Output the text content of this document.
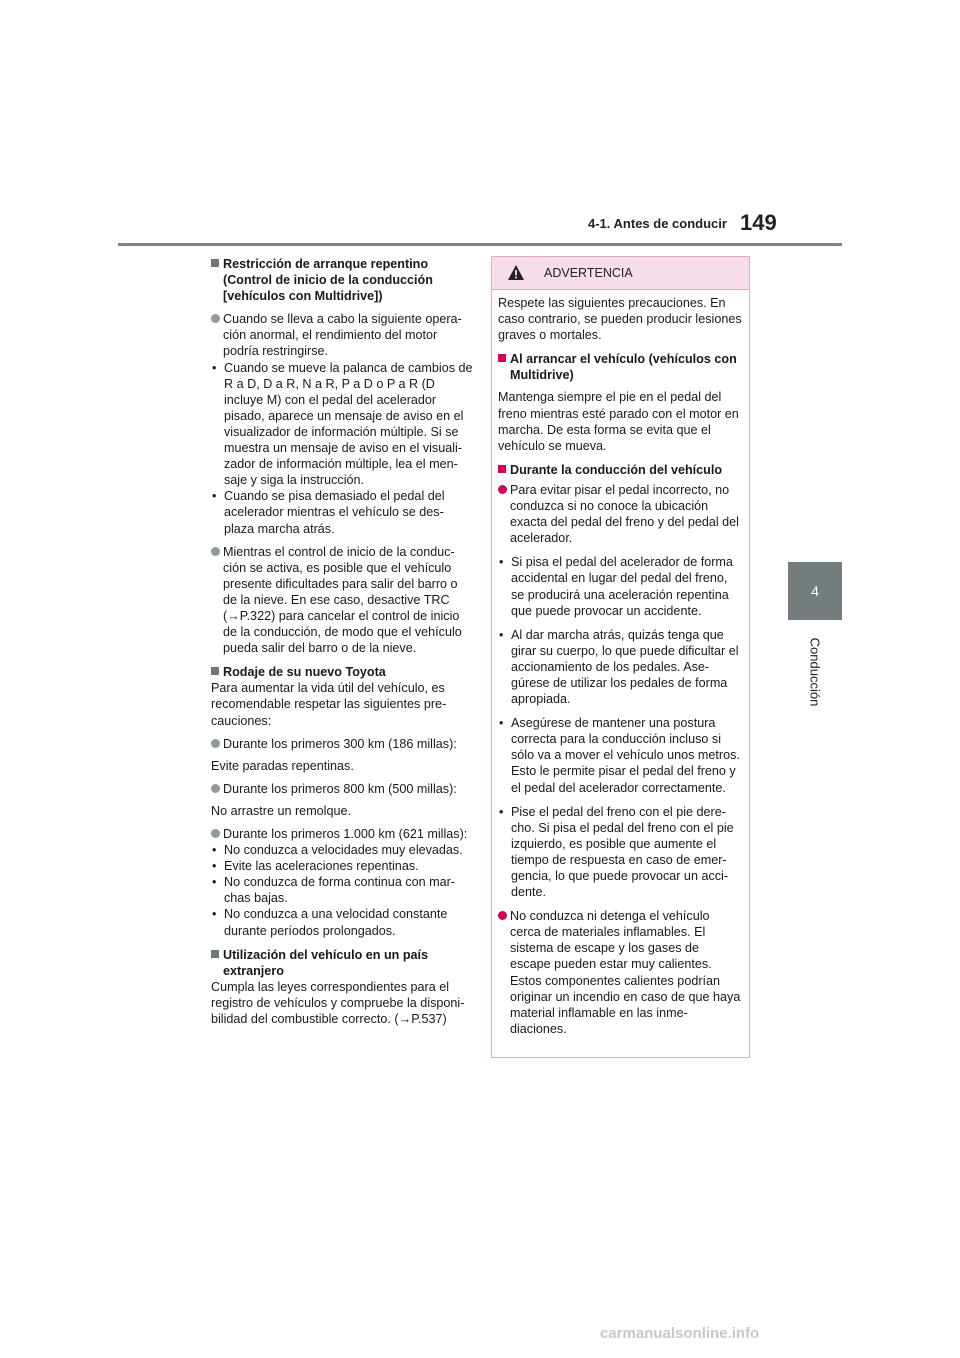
4-1. Antes de conducir 149
4
Conducción
Restricción de arranque repentino (Control de inicio de la conducción [vehículos con Multidrive])
Cuando se lleva a cabo la siguiente opera- ción anormal, el rendimiento del motor podría restringirse.
• Cuando se mueve la palanca de cambios de R a D, D a R, N a R, P a D o P a R (D incluye M) con el pedal del acelerador pisado, aparece un mensaje de aviso en el visualizador de información múltiple. Si se muestra un mensaje de aviso en el visuali- zador de información múltiple, lea el men- saje y siga la instrucción.
• Cuando se pisa demasiado el pedal del acelerador mientras el vehículo se des- plaza marcha atrás.
Mientras el control de inicio de la conduc- ción se activa, es posible que el vehículo presente dificultades para salir del barro o de la nieve. En ese caso, desactive TRC (→P.322) para cancelar el control de inicio de la conducción, de modo que el vehículo pueda salir del barro o de la nieve.
Rodaje de su nuevo Toyota

Para aumentar la vida útil del vehículo, es recomendable respetar las siguientes pre- cauciones:

Durante los primeros 300 km (186 millas):

Evite paradas repentinas.

Durante los primeros 800 km (500 millas):

No arrastre un remolque.

Durante los primeros 1.000 km (621 millas):
• No conduzca a velocidades muy elevadas.
• Evite las aceleraciones repentinas.
• No conduzca de forma continua con mar- chas bajas.
• No conduzca a una velocidad constante durante períodos prolongados.
Utilización del vehículo en un país extranjero

Cumpla las leyes correspondientes para el registro de vehículos y compruebe la disponi- bilidad del combustible correcto. (→P.537)

ADVERTENCIA

Respete las siguientes precauciones. En caso contrario, se pueden producir lesiones graves o mortales.

Al arrancar el vehículo (vehículos con Multidrive)

Mantenga siempre el pie en el pedal del freno mientras esté parado con el motor en marcha. De esta forma se evita que el vehículo se mueva.

Durante la conducción del vehículo
Para evitar pisar el pedal incorrecto, no conduzca si no conoce la ubicación exacta del pedal del freno y del pedal del acelerador.
• Si pisa el pedal del acelerador de forma accidental en lugar del pedal del freno, se producirá una aceleración repentina que puede provocar un accidente.
• Al dar marcha atrás, quizás tenga que girar su cuerpo, lo que puede dificultar el accionamiento de los pedales. Ase- gúrese de utilizar los pedales de forma apropiada.
• Asegúrese de mantener una postura correcta para la conducción incluso si sólo va a mover el vehículo unos metros. Esto le permite pisar el pedal del freno y el pedal del acelerador correctamente.
• Pise el pedal del freno con el pie dere- cho. Si pisa el pedal del freno con el pie izquierdo, es posible que aumente el tiempo de respuesta en caso de emer- gencia, lo que puede provocar un acci- dente.
No conduzca ni detenga el vehículo cerca de materiales inflamables. El sistema de escape y los gases de escape pueden estar muy calientes. Estos componentes calientes podrían originar un incendio en caso de que haya material inflamable en las inme- diaciones.
carmanualsonline.info
